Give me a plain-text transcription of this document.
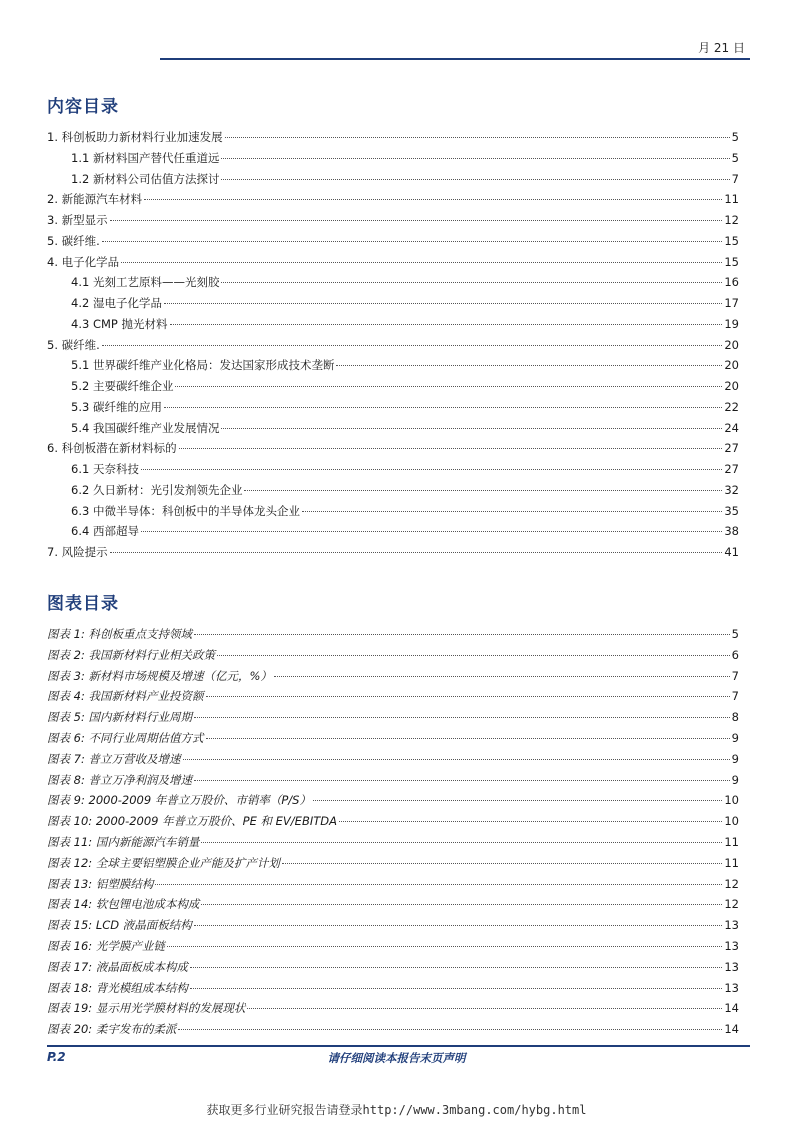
月 21 日
内容目录
1. 科创板助力新材料行业加速发展	5
1.1 新材料国产替代任重道远	5
1.2 新材料公司估值方法探讨	7
2. 新能源汽车材料	11
3. 新型显示	12
5. 碳纤维.	15
4. 电子化学品	15
4.1 光刻工艺原料——光刻胶	16
4.2 湿电子化学品	17
4.3 CMP 抛光材料	19
5. 碳纤维.	20
5.1 世界碳纤维产业化格局：发达国家形成技术垄断	20
5.2 主要碳纤维企业	20
5.3 碳纤维的应用	22
5.4 我国碳纤维产业发展情况	24
6. 科创板潜在新材料标的	27
6.1 天奈科技	27
6.2 久日新材：光引发剂领先企业	32
6.3 中微半导体：科创板中的半导体龙头企业	35
6.4 西部超导	38
7. 风险提示	41
图表目录
图表 1: 科创板重点支持领域	5
图表 2: 我国新材料行业相关政策	6
图表 3: 新材料市场规模及增速（亿元，%）	7
图表 4: 我国新材料产业投资额	7
图表 5: 国内新材料行业周期	8
图表 6: 不同行业周期估值方式	9
图表 7: 普立万营收及增速	9
图表 8: 普立万净利润及增速	9
图表 9: 2000-2009 年普立万股价、市销率（P/S）	10
图表 10: 2000-2009 年普立万股价、PE 和 EV/EBITDA	10
图表 11: 国内新能源汽车销量	11
图表 12: 全球主要铝塑膜企业产能及扩产计划	11
图表 13: 铝塑膜结构	12
图表 14: 软包锂电池成本构成	12
图表 15: LCD 液晶面板结构	13
图表 16: 光学膜产业链	13
图表 17: 液晶面板成本构成	13
图表 18: 背光模组成本结构	13
图表 19: 显示用光学膜材料的发展现状	14
图表 20: 柔宇发布的柔派	14
P.2	请仔细阅读本报告末页声明
获取更多行业研究报告请登录http://www.3mbang.com/hybg.html
